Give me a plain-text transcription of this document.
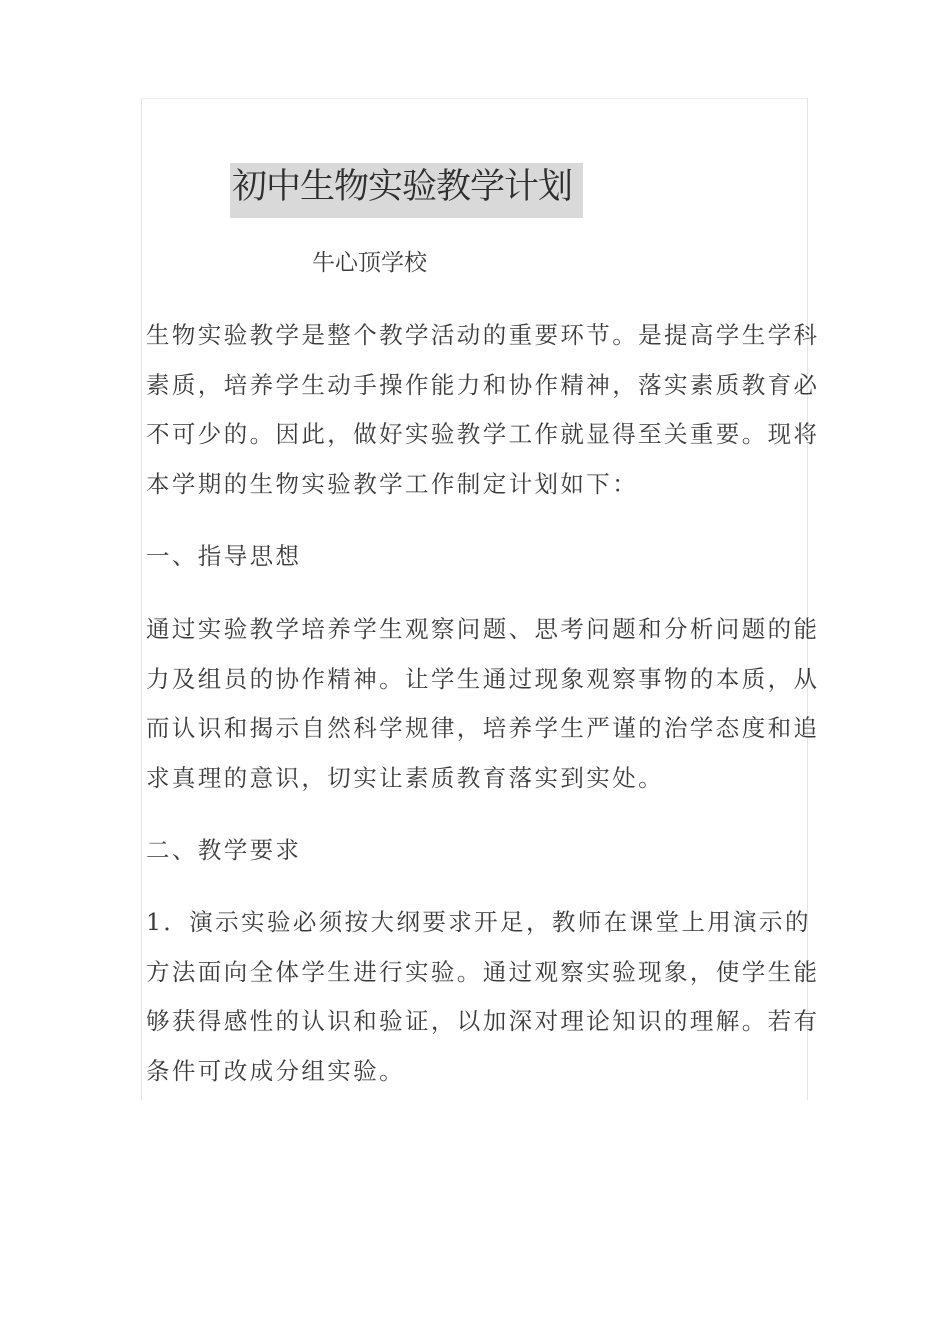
初中生物实验教学计划
牛心顶学校
生物实验教学是整个教学活动的重要环节。是提高学生学科
素质，培养学生动手操作能力和协作精神，落实素质教育必
不可少的。因此，做好实验教学工作就显得至关重要。现将
本学期的生物实验教学工作制定计划如下：
一、指导思想
通过实验教学培养学生观察问题、思考问题和分析问题的能
力及组员的协作精神。让学生通过现象观察事物的本质，从
而认识和揭示自然科学规律，培养学生严谨的治学态度和追
求真理的意识，切实让素质教育落实到实处。
二、教学要求
1．演示实验必须按大纲要求开足，教师在课堂上用演示的
方法面向全体学生进行实验。通过观察实验现象，使学生能
够获得感性的认识和验证，以加深对理论知识的理解。若有
条件可改成分组实验。
